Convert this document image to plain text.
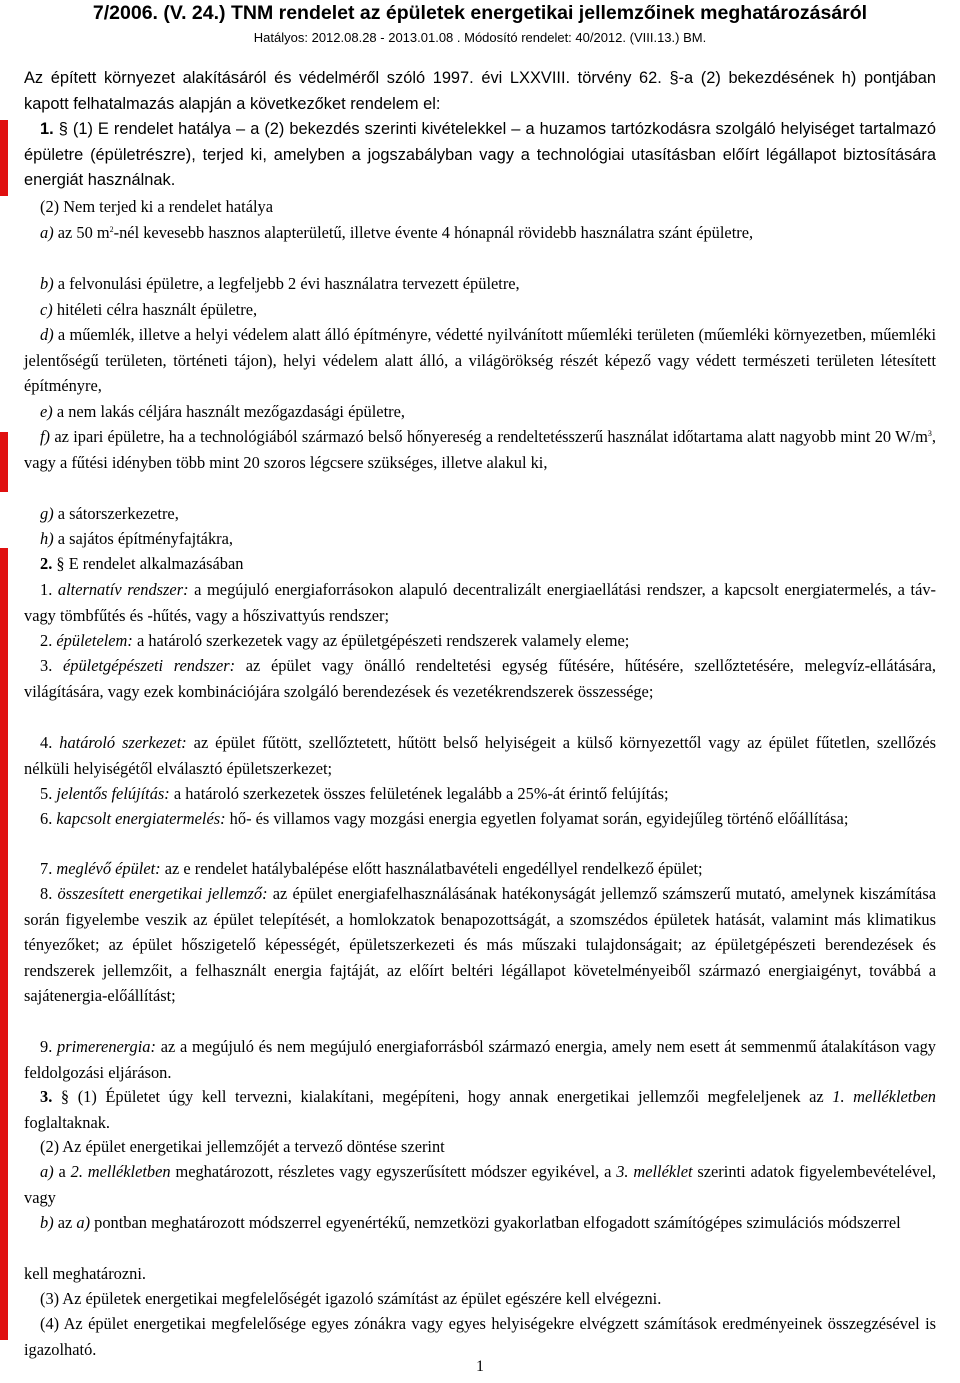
7/2006. (V. 24.) TNM rendelet az épületek energetikai jellemzőinek meghatározásáról
Hatályos: 2012.08.28 - 2013.01.08 . Módosító rendelet: 40/2012. (VIII.13.) BM.
Az épített környezet alakításáról és védelméről szóló 1997. évi LXXVIII. törvény 62. §-a (2) bekezdésének h) pontjában kapott felhatalmazás alapján a következőket rendelem el:
1. § (1) E rendelet hatálya – a (2) bekezdés szerinti kivételekkel – a huzamos tartózkodásra szolgáló helyiséget tartalmazó épületre (épületrészre), terjed ki, amelyben a jogszabályban vagy a technológiai utasításban előírt légállapot biztosítására energiát használnak.
(2) Nem terjed ki a rendelet hatálya
a) az 50 $m^2$-nél kevesebb hasznos alapterületű, illetve évente 4 hónapnál rövidebb használatra szánt épületre,
b) a felvonulási épületre, a legfeljebb 2 évi használatra tervezett épületre,
c) hitéleti célra használt épületre,
d) a műemlék, illetve a helyi védelem alatt álló építményre, védetté nyilvánított műemléki területen (műemléki környezetben, műemléki jelentőségű területen, történeti tájon), helyi védelem alatt álló, a világörökség részét képező vagy védett természeti területen létesített építményre,
e) a nem lakás céljára használt mezőgazdasági épületre,
f) az ipari épületre, ha a technológiából származó belső hőnyereség a rendeltetésszerű használat időtartama alatt nagyobb mint 20 $W/m^3$, vagy a fűtési idényben több mint 20 szoros légcsere szükséges, illetve alakul ki,
g) a sátorszerkezetre,
h) a sajátos építményfajtákra,
2. § E rendelet alkalmazásában
1. alternatív rendszer: a megújuló energiaforrásokon alapuló decentralizált energiaellátási rendszer, a kapcsolt energiatermelés, a táv- vagy tömbfűtés és -hűtés, vagy a hőszivattyús rendszer;
2. épületelem: a határoló szerkezetek vagy az épületgépészeti rendszerek valamely eleme;
3. épületgépészeti rendszer: az épület vagy önálló rendeltetési egység fűtésére, hűtésére, szellőztetésére, melegvíz-ellátására, világítására, vagy ezek kombinációjára szolgáló berendezések és vezetékrendszerek összessége;
4. határoló szerkezet: az épület fűtött, szellőztetett, hűtött belső helyiségeit a külső környezettől vagy az épület fűtetlen, szellőzés nélküli helyiségétől elválasztó épületszerkezet;
5. jelentős felújítás: a határoló szerkezetek összes felületének legalább a 25%-át érintő felújítás;
6. kapcsolt energiatermelés: hő- és villamos vagy mozgási energia egyetlen folyamat során, egyidejűleg történő előállítása;
7. meglévő épület: az e rendelet hatálybalépése előtt használatbavételi engedéllyel rendelkező épület;
8. összesített energetikai jellemző: az épület energiafelhasználásának hatékonyságát jellemző számszerű mutató, amelynek kiszámítása során figyelembe veszik az épület telepítését, a homlokzatok benapozottságát, a szomszédos épületek hatását, valamint más klimatikus tényezőket; az épület hőszigetelő képességét, épületszerkezeti és más műszaki tulajdonságait; az épületgépészeti berendezések és rendszerek jellemzőit, a felhasznált energia fajtáját, az előírt beltéri légállapot követelményeiből származó energiaigényt, továbbá a sajátenergia-előállítást;
9. primerenergia: az a megújuló és nem megújuló energiaforrásból származó energia, amely nem esett át semmenmű átalakításon vagy feldolgozási eljáráson.
3. § (1) Épületet úgy kell tervezni, kialakítani, megépíteni, hogy annak energetikai jellemzői megfeleljenek az 1. mellékletben foglaltaknak.
(2) Az épület energetikai jellemzőjét a tervező döntése szerint
a) a 2. mellékletben meghatározott, részletes vagy egyszerűsített módszer egyikével, a 3. melléklet szerinti adatok figyelembevételével, vagy
b) az a) pontban meghatározott módszerrel egyenértékű, nemzetközi gyakorlatban elfogadott számítógépes szimulációs módszerrel
kell meghatározni.
(3) Az épületek energetikai megfelelőségét igazoló számítást az épület egészére kell elvégezni.
(4) Az épület energetikai megfelelősége egyes zónákra vagy egyes helyiségekre elvégzett számítások eredményeinek összegzésével is igazolható.
1
